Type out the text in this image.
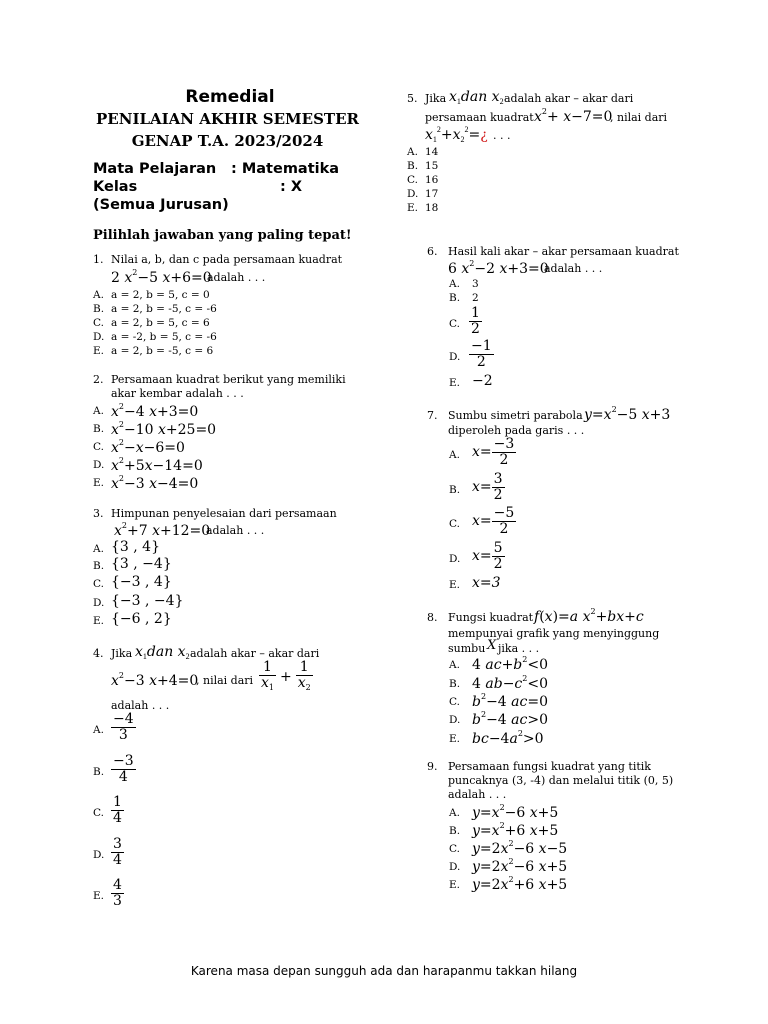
Remedial
PENILAIAN AKHIR SEMESTER
GENAP T.A. 2023/2024
Mata Pelajaran : Matematika
Kelas	: X
(Semua Jurusan)
Pilihlah jawaban yang paling tepat!
1. Nilai a, b, dan c pada persamaan kuadrat
2 $x^2-5$ x+6=0
adalah . . .
A. a = 2, b = 5, c = 0
B. a = 2, b = -5, c = -6
C. a = 2, b = 5, c = 6
D. a = -2, b = 5, c = -6
E. a = 2, b = -5, c = 6
2. Persamaan kuadrat berikut yang memiliki
akar kembar adalah . . .
A. $x^2-4$ x+3=0
B. $x^2-10$ x+25=0
C. $x^2-x-6=0$
D. $x^2+5x-14=0$
E. $x^2-3$ x−4=0
3. Himpunan penyelesaian dari persamaan
$x^2+7$ x+12=0
adalah . . .
A. {3 , 4}
B. {3 , −4}
C. {−3 , 4}
D. {−3 , −4}
E. {−6 , 2}
4. Jika $x_1dan$ $x_2$ adalah akar – akar dari
$x^2-3$ x+4=0
, nilai dari $\frac{1}{x_1} + \frac{1}{x_2}$
adalah . . .
A. $\frac{-4}{3}$
B. $\frac{-3}{4}$
C. $\frac{1}{4}$
D. $\frac{3}{4}$
E. $\frac{4}{3}$
5. Jika $x_1dan$ $x_2$ adalah akar – akar dari
persamaan kuadrat $x^2+ x-7=0$
, nilai dari
$x_1^2+x_2^2=¿$ . . .
A. 14
B. 15
C. 16
D. 17
E. 18
6. Hasil kali akar – akar persamaan kuadrat
6 $x^2-2$ x+3=0
adalah . . .
A. 3
B. 2
C. $\frac{1}{2}$
D. $\frac{-1}{2}$
E. −2
7. Sumbu simetri parabola $y=x^2-5$ x+3
diperoleh pada garis . . .
A. $x= \frac{-3}{2}$
B. $x= \frac{3}{2}$
C. $x= \frac{-5}{2}$
D. $x= \frac{5}{2}$
E. x=3
8. Fungsi kuadrat f(x)=a $x^2+bx+c$
mempunyai grafik yang menyinggung
sumbu X jika . . .
A. 4 $ac+b^2<0$
B. 4 $ab-c^2<0$
C. $b^2-4$ ac=0
D. $b^2-4$ ac>0
E. $bc-4a^2>0$
9. Persamaan fungsi kuadrat yang titik
puncaknya (3, -4) dan melalui titik (0, 5)
adalah . . .
A. $y=x^2-6$ x+5
B. $y=x^2+6$ x+5
C. $y=2x^2-6$ x−5
D. $y=2x^2-6$ x+5
E. $y=2x^2+6$ x+5
Karena masa depan sungguh ada dan harapanmu takkan hilang
